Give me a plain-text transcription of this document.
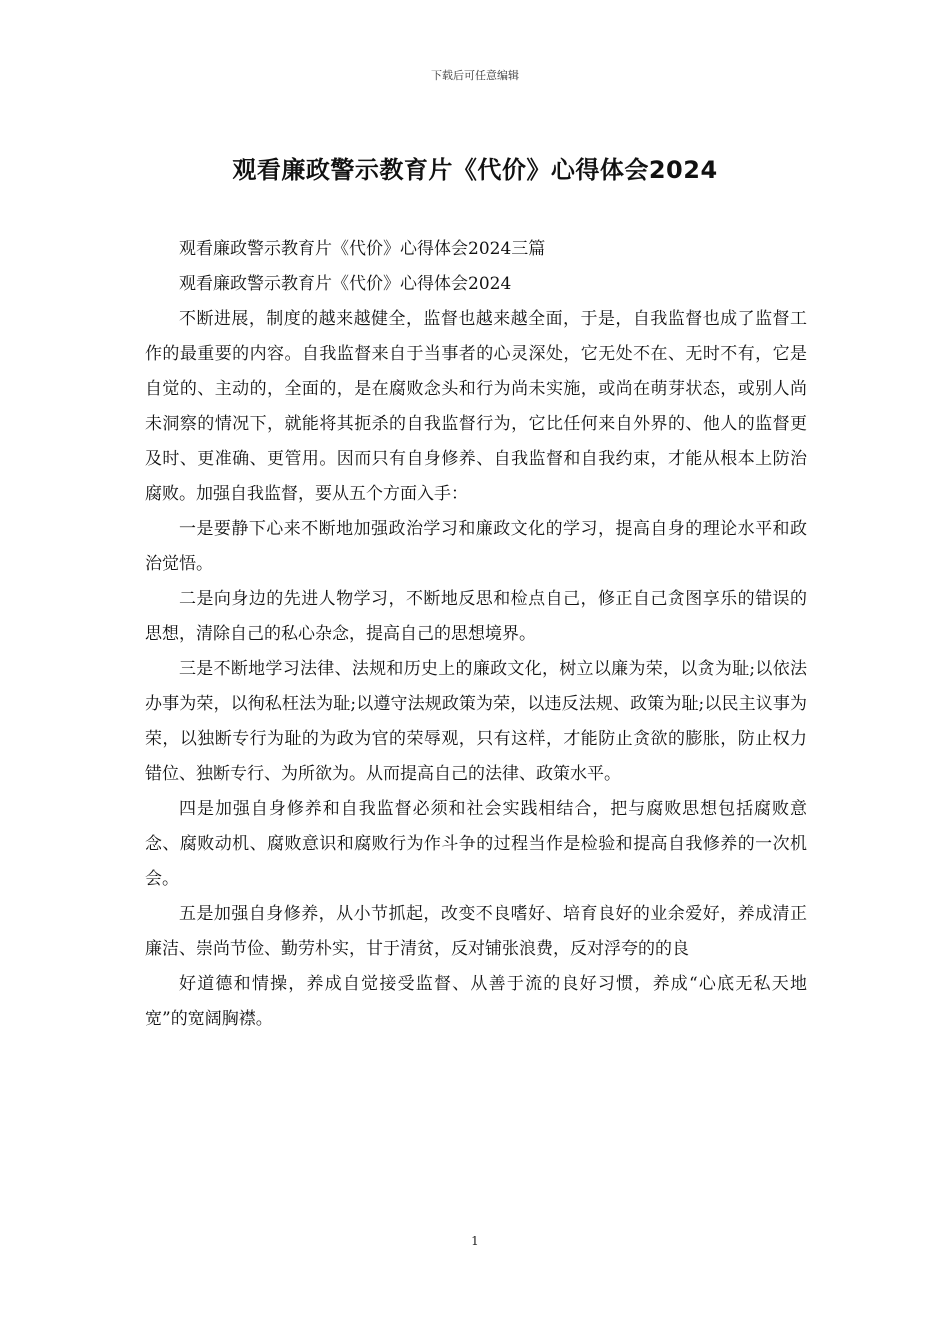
下载后可任意编辑
观看廉政警示教育片《代价》心得体会2024

观看廉政警示教育片《代价》心得体会2024三篇

观看廉政警示教育片《代价》心得体会2024

不断进展，制度的越来越健全，监督也越来越全面，于是，自我监督也成了监督工作的最重要的内容。自我监督来自于当事者的心灵深处，它无处不在、无时不有，它是自觉的、主动的，全面的，是在腐败念头和行为尚未实施，或尚在萌芽状态，或别人尚未洞察的情况下，就能将其扼杀的自我监督行为，它比任何来自外界的、他人的监督更及时、更准确、更管用。因而只有自身修养、自我监督和自我约束，才能从根本上防治腐败。加强自我监督，要从五个方面入手：

一是要静下心来不断地加强政治学习和廉政文化的学习，提高自身的理论水平和政治觉悟。

二是向身边的先进人物学习，不断地反思和检点自己，修正自己贪图享乐的错误的思想，清除自己的私心杂念，提高自己的思想境界。

三是不断地学习法律、法规和历史上的廉政文化，树立以廉为荣，以贪为耻;以依法办事为荣，以徇私枉法为耻;以遵守法规政策为荣，以违反法规、政策为耻;以民主议事为荣，以独断专行为耻的为政为官的荣辱观，只有这样，才能防止贪欲的膨胀，防止权力错位、独断专行、为所欲为。从而提高自己的法律、政策水平。

四是加强自身修养和自我监督必须和社会实践相结合，把与腐败思想包括腐败意念、腐败动机、腐败意识和腐败行为作斗争的过程当作是检验和提高自我修养的一次机会。

五是加强自身修养，从小节抓起，改变不良嗜好、培育良好的业余爱好，养成清正廉洁、崇尚节俭、勤劳朴实，甘于清贫，反对铺张浪费，反对浮夸的的良

好道德和情操，养成自觉接受监督、从善于流的良好习惯，养成“心底无私天地宽”的宽阔胸襟。

1
